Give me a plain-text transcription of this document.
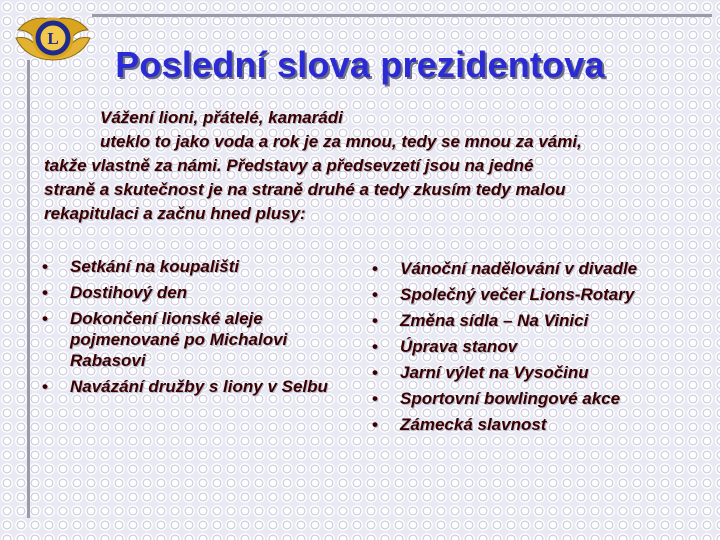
L
Poslední slova prezidentova
Vážení lioni, přátelé, kamarádi
uteklo to jako voda a rok je za mnou, tedy se mnou za vámi,
takže vlastně za námi. Představy a předsevzetí jsou na jedné
straně a skutečnost je na straně druhé a tedy zkusím tedy malou
rekapitulaci a začnu hned plusy:
• Setkání na koupališti
• Dostihový den
• Dokončení lionské aleje pojmenované po Michalovi Rabasovi
• Navázání družby s liony v Selbu
• Vánoční nadělování v divadle
• Společný večer Lions-Rotary
• Změna sídla – Na Vinici
• Úprava stanov
• Jarní výlet na Vysočinu
• Sportovní bowlingové akce
• Zámecká slavnost
